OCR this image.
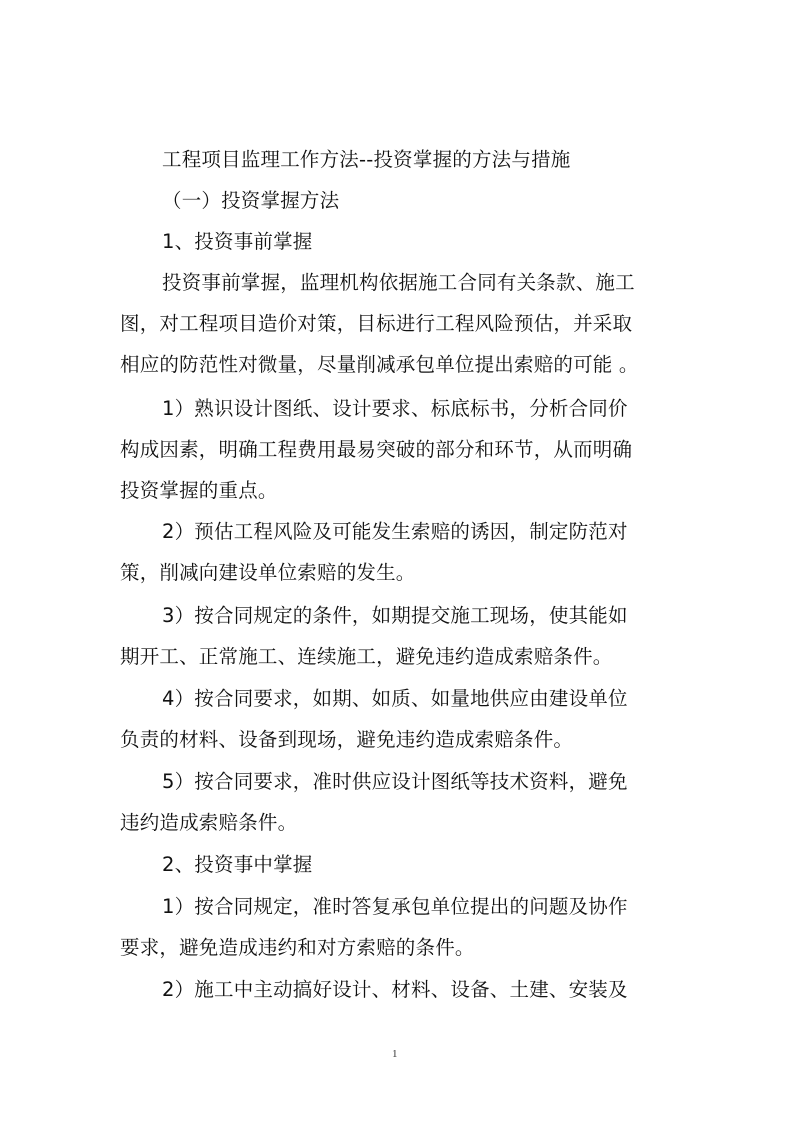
工程项目监理工作方法--投资掌握的方法与措施
（一）投资掌握方法
1、投资事前掌握
投资事前掌握，监理机构依据施工合同有关条款、施工
图，对工程项目造价对策，目标进行工程风险预估，并采取
相应的防范性对微量，尽量削减承包单位提出索赔的可能 。
1）熟识设计图纸、设计要求、标底标书，分析合同价
构成因素，明确工程费用最易突破的部分和环节，从而明确
投资掌握的重点。
2）预估工程风险及可能发生索赔的诱因，制定防范对
策，削减向建设单位索赔的发生。
3）按合同规定的条件，如期提交施工现场，使其能如
期开工、正常施工、连续施工，避免违约造成索赔条件。
4）按合同要求，如期、如质、如量地供应由建设单位
负责的材料、设备到现场，避免违约造成索赔条件。
5）按合同要求，准时供应设计图纸等技术资料，避免
违约造成索赔条件。
2、投资事中掌握
1）按合同规定，准时答复承包单位提出的问题及协作
要求，避免造成违约和对方索赔的条件。
2）施工中主动搞好设计、材料、设备、土建、安装及
1
